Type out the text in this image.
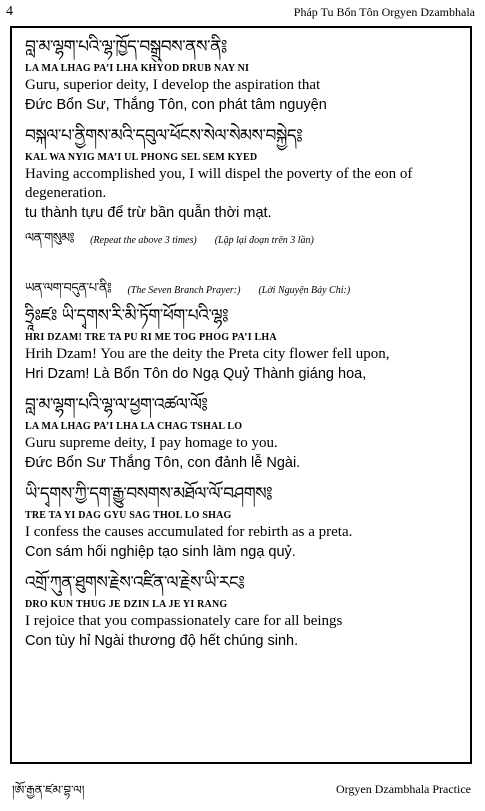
4	Pháp Tu Bổn Tôn Orgyen Dzambhala
བླ་མ་ལྷག་པའི་ལྷ་ཁྱོད་བསྒྲུབས་ནས་ནི༔
LA MA LHAG PA’I LHA KHYOD DRUB NAY NI
Guru, superior deity, I develop the aspiration that
Đức Bổn Sư, Thắng Tôn, con phát tâm nguyện
བསྐལ་པ་ནྱིགས་མའི་དབུལ་ཕོངས་སེལ་སེམས་བསྐྱེད༔
KAL WA NYIG MA’I UL PHONG SEL SEM KYED
Having accomplished you, I will dispel the poverty of the eon of
degeneration.
tu thành tựu để trừ bần quẫn thời mạt.
ལན་གསུམ༔ (Repeat the above 3 times) (Lặp lại đoạn trên 3 lần)
ཡན་ལག་བདུན་པ་ནི༔ (The Seven Branch Prayer:) (Lời Nguyện Bảy Chi:)
ཧྲཱིཿཛཿ ཡི་དྭགས་རི་མི་ཏོག་ཕོག་པའི་ལྷ༔
HRI DZAM! TRE TA PU RI ME TOG PHOG PA’I LHA
Hrih Dzam! You are the deity the Preta city flower fell upon,
Hri Dzam! Là Bổn Tôn do Ngạ Quỷ Thành giáng hoa,
བླ་མ་ལྷག་པའི་ལྷ་ལ་ཕྱག་འཚལ་ལོ༔
LA MA LHAG PA’I LHA LA CHAG TSHAL LO
Guru supreme deity, I pay homage to you.
Đức Bổn Sư Thắng Tôn, con đảnh lễ Ngài.
ཡི་དྭགས་ཀྱི་དག་རྒྱུ་བསགས་མཐོལ་ལོ་བཤགས༔
TRE TA YI DAG GYU SAG THOL LO SHAG
I confess the causes accumulated for rebirth as a preta.
Con sám hối nghiệp tạo sinh làm ngạ quỷ.
འགྲོ་ཀུན་ཐུགས་རྗེས་འཛིན་ལ་རྗེས་ཡི་རང༔
DRO KUN THUG JE DZIN LA JE YI RANG
I rejoice that you compassionately care for all beings
Con tùy hỉ Ngài thương độ hết chúng sinh.
།ཨོ་རྒྱན་ཛམ་བྷ་ལ།	Orgyen Dzambhala Practice
